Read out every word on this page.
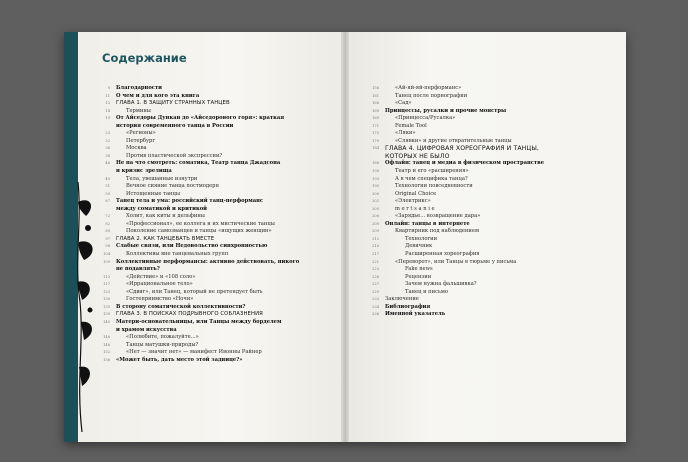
Содержание
9	Благодарности
11	О чем и для кого эта книга
13	ГЛАВА 1. В ЗАЩИТУ СТРАННЫХ ТАНЦЕВ
14	Термины
19	От Айседоры Дункан до «Айседорового горя»: краткая
история современного танца в России
23	«Регионы»
32	Петербург
36	Москва
38	Против пластической экспрессии?
46	Не на что смотреть: соматика, Театр танца Джадсона
и кризис зрелища
49	Тела, увешанные изнутри
51	Вечное сияние танца постмодерн
59	Истощенные танцы
67	Танец тела и ума: российский танц-перформанс
между соматикой и критикой
72	Холит, как киты и дельфины
82	«Профессионал», ее коллега и их мистические танцы
89	Поколение самозванцев и танцы «ищущих женщин»
97	ГЛАВА 2. КАК ТАНЦЕВАТЬ ВМЕСТЕ
98	Слабые связи, или Недовольство синхронностью
104	Коллективы вне танцевальных групп
109	Коллективные перформансы: активно действовать, никого
не подавлять?
113	«Действие» и «108 соло»
117	«Иррациональное тело»
123	«Сдвиг», или Танец, который не претендует быть
130	Гостеприимство «Ночи»
135	В сторону соматической коллективности?
139	ГЛАВА 3. В ПОИСКАХ ПОДРЫВНОГО СОБЛАЗНЕНИЯ
140	Матери-основательницы, или Танцы между борделем
и храмом искусства
146	«Полюбите, пожалуйте...»
148	Танцы матушки-природы?
152	«Нет — значит нет» — манифест Ивонны Райнер
156	«Может быть, дать место этой заднице?»
156	«Ай-яй-яй-перформанс»
161	Танец после порнографии
166	«Сад»
169	Принцессы, русалки и прочие монстры
169	«Принцесса/Русалка»
171	Female Tool
175	«Ляки»
179	«Слявки» и другие отвратительные танцы
184 ГЛАВА 4. ЦИФРОВАЯ ХОРЕОГРАФИЯ И ТАНЦЫ,
КОТОРЫХ НЕ БЫЛО
188	Офлайн: танец и медиа в физическом пространстве
190	Театр и его «расширения»
193	А в чем специфика танца?
195	Технологии повседневности
200	Original Choice
202	«Электрикс»
205	m e r t s a n i e
206	«Зарядье... возвращение дара»
209	Онлайн: танцы в интернете
209	Квартирник под наблюдением
212	Технологии
216	Девичник
217	Расширенная хореография
221	«Переворот», или Танцы в тюрьме у письма
223	Fake news
226	Рецензии
227	Зачем нужна фальшивка?
229	Танец и письмо
233	Заключение
234	Библиография
236	Именной указатель
